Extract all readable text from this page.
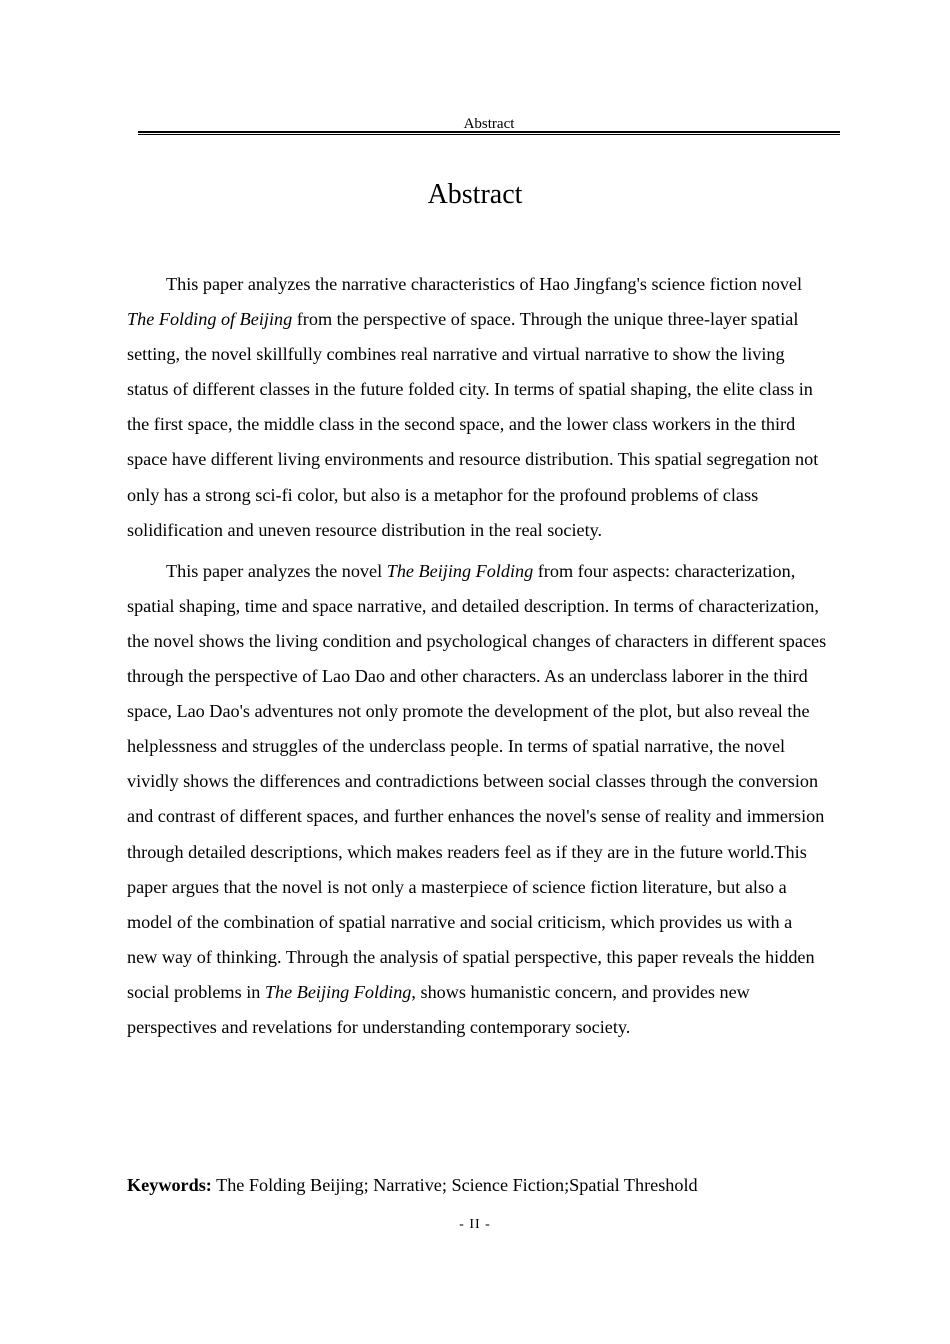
Abstract
Abstract

This paper analyzes the narrative characteristics of Hao Jingfang's science fiction novel The Folding of Beijing from the perspective of space. Through the unique three-layer spatial setting, the novel skillfully combines real narrative and virtual narrative to show the living status of different classes in the future folded city. In terms of spatial shaping, the elite class in the first space, the middle class in the second space, and the lower class workers in the third space have different living environments and resource distribution. This spatial segregation not only has a strong sci-fi color, but also is a metaphor for the profound problems of class solidification and uneven resource distribution in the real society.

This paper analyzes the novel The Beijing Folding from four aspects: characterization, spatial shaping, time and space narrative, and detailed description. In terms of characterization, the novel shows the living condition and psychological changes of characters in different spaces through the perspective of Lao Dao and other characters. As an underclass laborer in the third space, Lao Dao's adventures not only promote the development of the plot, but also reveal the helplessness and struggles of the underclass people. In terms of spatial narrative, the novel vividly shows the differences and contradictions between social classes through the conversion and contrast of different spaces, and further enhances the novel's sense of reality and immersion through detailed descriptions, which makes readers feel as if they are in the future world.This paper argues that the novel is not only a masterpiece of science fiction literature, but also a model of the combination of spatial narrative and social criticism, which provides us with a new way of thinking. Through the analysis of spatial perspective, this paper reveals the hidden social problems in The Beijing Folding, shows humanistic concern, and provides new perspectives and revelations for understanding contemporary society.

Keywords: The Folding Beijing; Narrative; Science Fiction;Spatial Threshold
- II -
